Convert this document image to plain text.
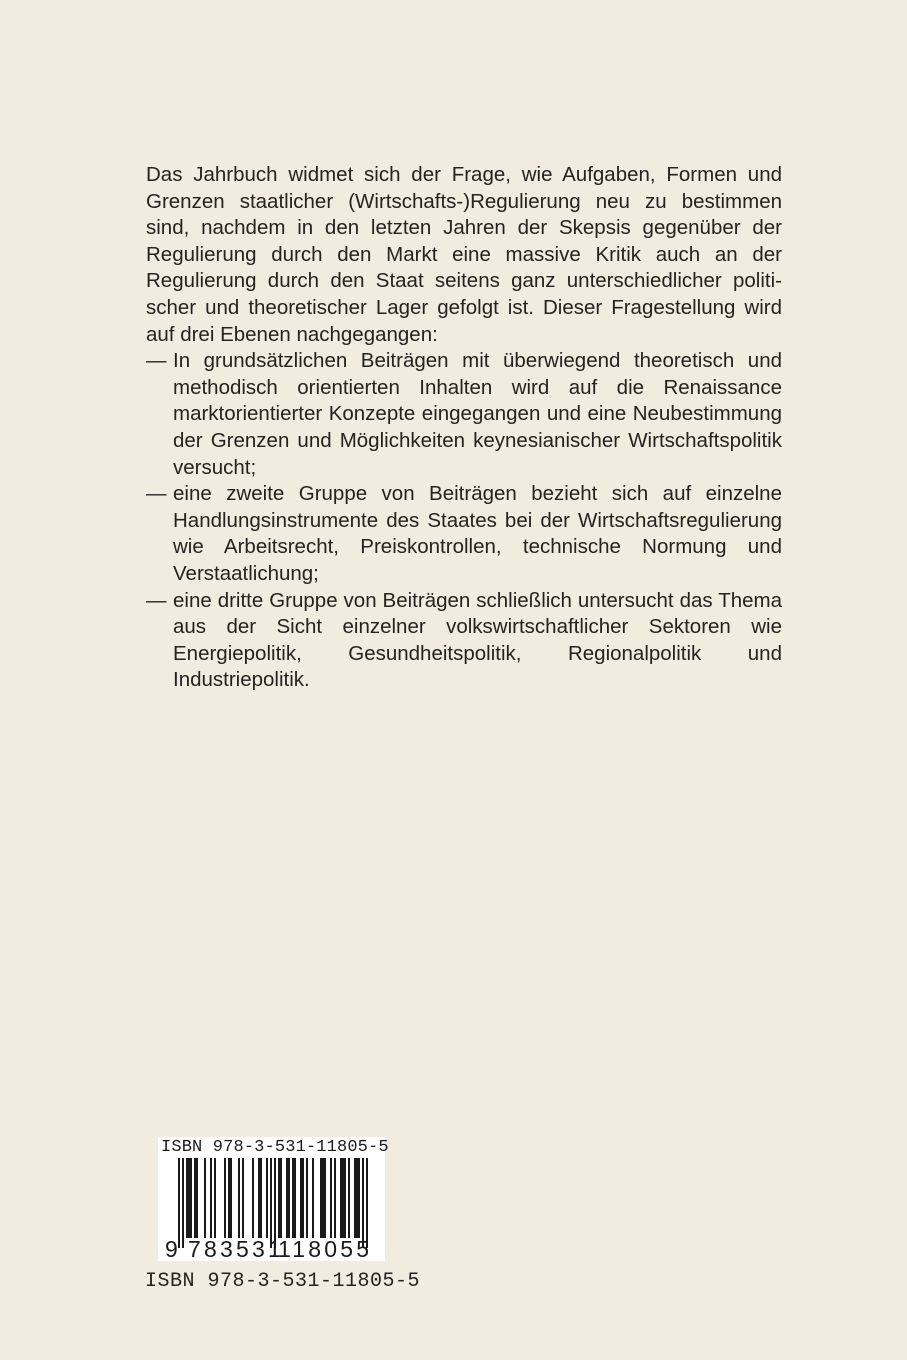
Das Jahrbuch widmet sich der Frage, wie Aufgaben, Formen und Grenzen staatlicher (Wirtschafts-)Regulierung neu zu bestimmen sind, nachdem in den letzten Jahren der Skepsis gegenüber der Regulierung durch den Markt eine massive Kritik auch an der Regulierung durch den Staat seitens ganz unterschiedlicher politischer und theoretischer Lager gefolgt ist. Dieser Fragestellung wird auf drei Ebenen nachgegangen:

— In grundsätzlichen Beiträgen mit überwiegend theoretisch und methodisch orientierten Inhalten wird auf die Renaissance marktorientierter Konzepte eingegangen und eine Neubestimmung der Grenzen und Möglichkeiten keynesianischer Wirtschaftspolitik versucht;
— eine zweite Gruppe von Beiträgen bezieht sich auf einzelne Handlungsinstrumente des Staates bei der Wirtschaftsregulierung wie Arbeitsrecht, Preiskontrollen, technische Normung und Verstaatlichung;
— eine dritte Gruppe von Beiträgen schließlich untersucht das Thema aus der Sicht einzelner volkswirtschaftlicher Sektoren wie Energiepolitik, Gesundheitspolitik, Regionalpolitik und Industriepolitik.
ISBN 978-3-531-11805-5
9 783531
118055
ISBN 978-3-531-11805-5
